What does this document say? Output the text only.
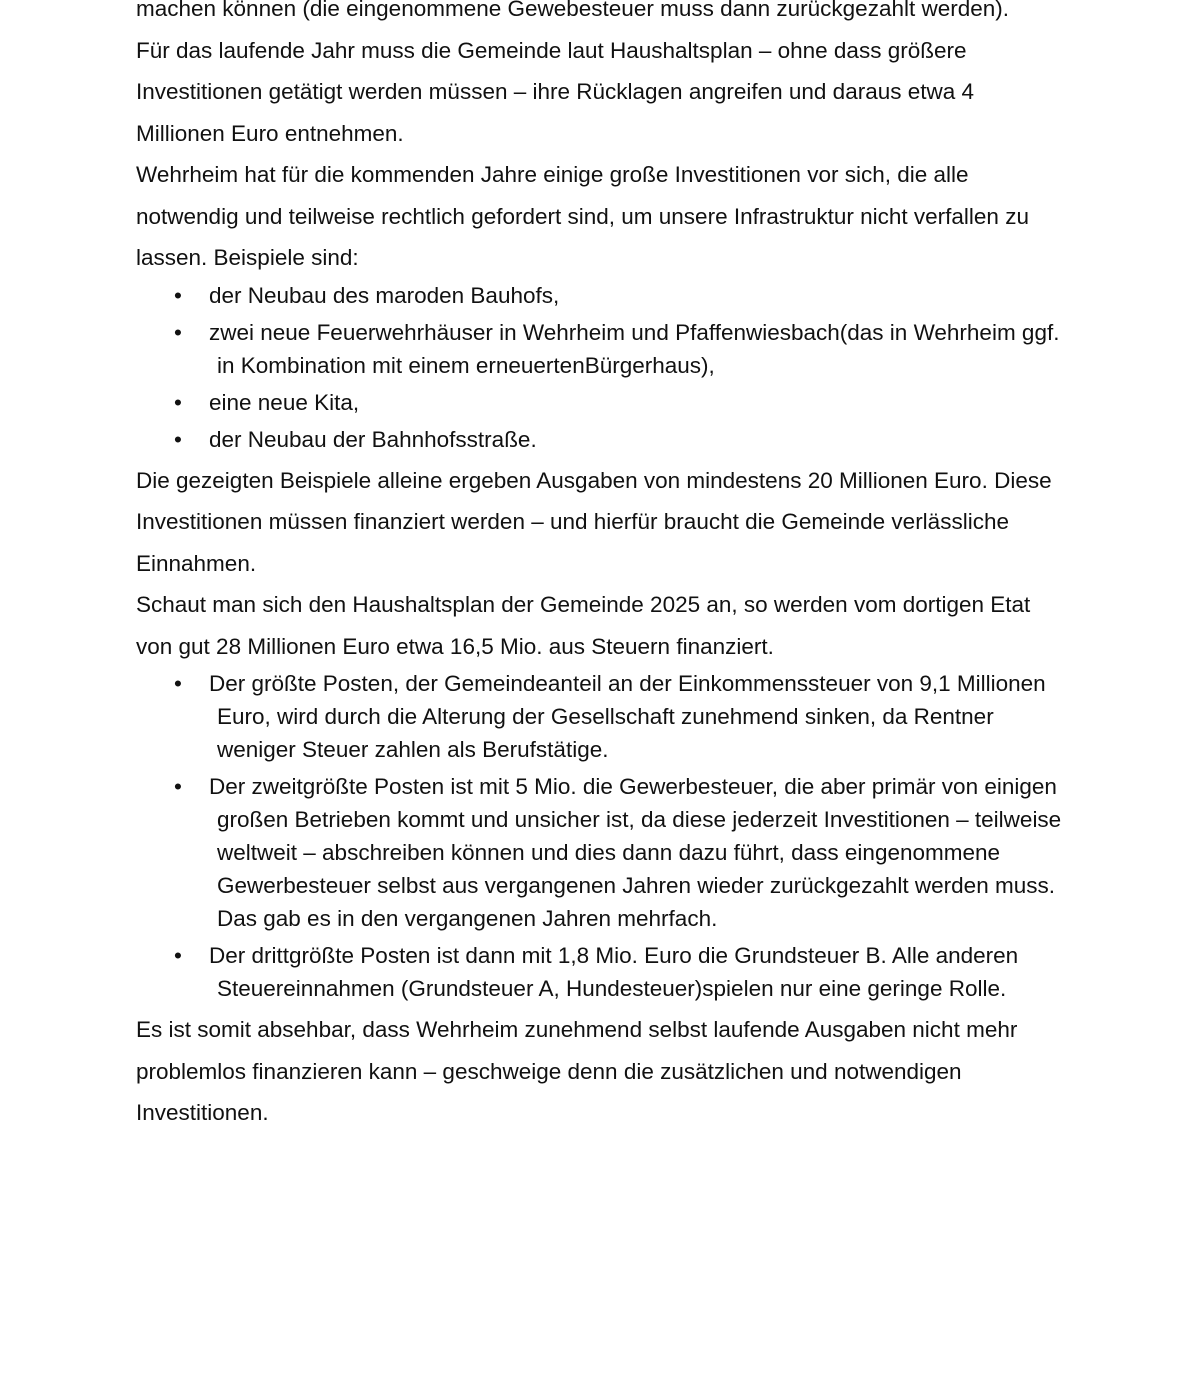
machen können (die eingenommene Gewebesteuer muss dann zurückgezahlt werden).

Für das laufende Jahr muss die Gemeinde laut Haushaltsplan – ohne dass größere Investitionen getätigt werden müssen – ihre Rücklagen angreifen und daraus etwa 4 Millionen Euro entnehmen.

Wehrheim hat für die kommenden Jahre einige große Investitionen vor sich, die alle notwendig und teilweise rechtlich gefordert sind, um unsere Infrastruktur nicht verfallen zu lassen. Beispiele sind:

• der Neubau des maroden Bauhofs,
• zwei neue Feuerwehrhäuser in Wehrheim und Pfaffenwiesbach(das in Wehrheim ggf. in Kombination mit einem erneuertenBürgerhaus),
• eine neue Kita,
• der Neubau der Bahnhofsstraße.

Die gezeigten Beispiele alleine ergeben Ausgaben von mindestens 20 Millionen Euro. Diese Investitionen müssen finanziert werden – und hierfür braucht die Gemeinde verlässliche Einnahmen.

Schaut man sich den Haushaltsplan der Gemeinde 2025 an, so werden vom dortigen Etat von gut 28 Millionen Euro etwa 16,5 Mio. aus Steuern finanziert.

• Der größte Posten, der Gemeindeanteil an der Einkommenssteuer von 9,1 Millionen Euro, wird durch die Alterung der Gesellschaft zunehmend sinken, da Rentner weniger Steuer zahlen als Berufstätige.
• Der zweitgrößte Posten ist mit 5 Mio. die Gewerbesteuer, die aber primär von einigen großen Betrieben kommt und unsicher ist, da diese jederzeit Investitionen – teilweise weltweit – abschreiben können und dies dann dazu führt, dass eingenommene Gewerbesteuer selbst aus vergangenen Jahren wieder zurückgezahlt werden muss. Das gab es in den vergangenen Jahren mehrfach.
• Der drittgrößte Posten ist dann mit 1,8 Mio. Euro die Grundsteuer B. Alle anderen Steuereinnahmen (Grundsteuer A, Hundesteuer)spielen nur eine geringe Rolle.

Es ist somit absehbar, dass Wehrheim zunehmend selbst laufende Ausgaben nicht mehr problemlos finanzieren kann – geschweige denn die zusätzlichen und notwendigen Investitionen.
